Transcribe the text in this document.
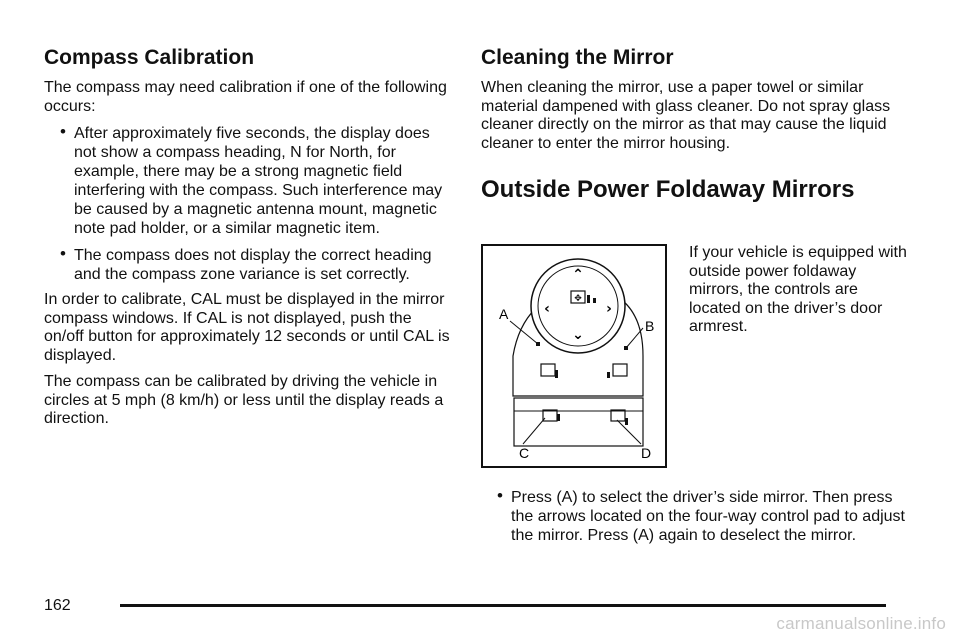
Compass Calibration

The compass may need calibration if one of the following occurs:

• After approximately five seconds, the display does not show a compass heading, N for North, for example, there may be a strong magnetic field interfering with the compass. Such interference may be caused by a magnetic antenna mount, magnetic note pad holder, or a similar magnetic item.

• The compass does not display the correct heading and the compass zone variance is set correctly.

In order to calibrate, CAL must be displayed in the mirror compass windows. If CAL is not displayed, push the on/off button for approximately 12 seconds or until CAL is displayed.

The compass can be calibrated by driving the vehicle in circles at 5 mph (8 km/h) or less until the display reads a direction.

Cleaning the Mirror

When cleaning the mirror, use a paper towel or similar material dampened with glass cleaner. Do not spray glass cleaner directly on the mirror as that may cause the liquid cleaner to enter the mirror housing.

Outside Power Foldaway Mirrors
⌃
⌄
‹	›
✥
A
B
C	D

If your vehicle is equipped with outside power foldaway mirrors, the controls are located on the driver’s door armrest.

• Press (A) to select the driver’s side mirror. Then press the arrows located on the four-way control pad to adjust the mirror. Press (A) again to deselect the mirror.

162
carmanualsonline.info
